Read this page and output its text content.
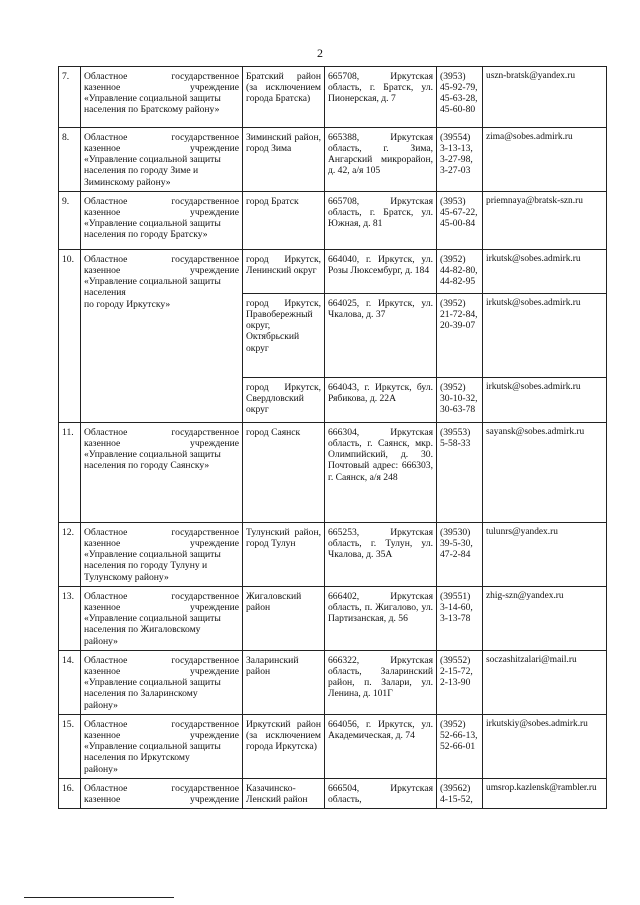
2
7.	Областное государственное
казенное учреждение
«Управление социальной защиты
населения по Братскому району»	Братский район (за исключением города Братска)	665708, Иркутская область, г. Братск, ул. Пионерская, д. 7	(3953)
45-92-79,
45-63-28,
45-60-80	uszn-bratsk@yandex.ru
8.	Областное государственное
казенное учреждение
«Управление социальной защиты
населения по городу Зиме и
Зиминскому району»	Зиминский район, город Зима	665388, Иркутская область, г. Зима, Ангарский микрорайон, д. 42, а/я 105	(39554)
3-13-13,
3-27-98,
3-27-03	zima@sobes.admirk.ru
9.	Областное государственное
казенное учреждение
«Управление социальной защиты
населения по городу Братску»	город Братск	665708, Иркутская область, г. Братск, ул. Южная, д. 81	(3953)
45-67-22,
45-00-84	priemnaya@bratsk-szn.ru
10.	Областное государственное
казенное учреждение
«Управление социальной защиты
населения
по городу Иркутску»	город Иркутск, Ленинский округ	664040, г. Иркутск, ул. Розы Люксембург, д. 184	(3952)
44-82-80,
44-82-95	irkutsk@sobes.admirk.ru
		город Иркутск, Правобережный округ, Октябрьский округ	664025, г. Иркутск, ул. Чкалова, д. 37	(3952)
21-72-84,
20-39-07	irkutsk@sobes.admirk.ru
		город Иркутск, Свердловский округ	664043, г. Иркутск, бул. Рябикова, д. 22А	(3952)
30-10-32,
30-63-78	irkutsk@sobes.admirk.ru
11.	Областное государственное
казенное учреждение
«Управление социальной защиты
населения по городу Саянску»	город Саянск	666304, Иркутская область, г. Саянск, мкр. Олимпийский, д. 30. Почтовый адрес: 666303, г. Саянск, а/я 248	(39553)
5-58-33	sayansk@sobes.admirk.ru
12.	Областное государственное
казенное учреждение
«Управление социальной защиты
населения по городу Тулуну и
Тулунскому району»	Тулунский район, город Тулун	665253, Иркутская область, г. Тулун, ул. Чкалова, д. 35А	(39530)
39-5-30,
47-2-84	tulunrs@yandex.ru
13.	Областное государственное
казенное учреждение
«Управление социальной защиты
населения по Жигаловскому
району»	Жигаловский район	666402, Иркутская область, п. Жигалово, ул. Партизанская, д. 56	(39551)
3-14-60,
3-13-78	zhig-szn@yandex.ru
14.	Областное государственное
казенное учреждение
«Управление социальной защиты
населения по Заларинскому
району»	Заларинский район	666322, Иркутская область, Заларинский район, п. Залари, ул. Ленина, д. 101Г	(39552)
2-15-72,
2-13-90	soczashitzalari@mail.ru
15.	Областное государственное
казенное учреждение
«Управление социальной защиты
населения по Иркутскому
району»	Иркутский район (за исключением города Иркутска)	664056, г. Иркутск, ул. Академическая, д. 74	(3952)
52-66-13,
52-66-01	irkutskiy@sobes.admirk.ru
16.	Областное государственное
казенное учреждение	Казачинско-Ленский район	666504, Иркутская область,	(39562)
4-15-52,	umsrop.kazlensk@rambler.ru
